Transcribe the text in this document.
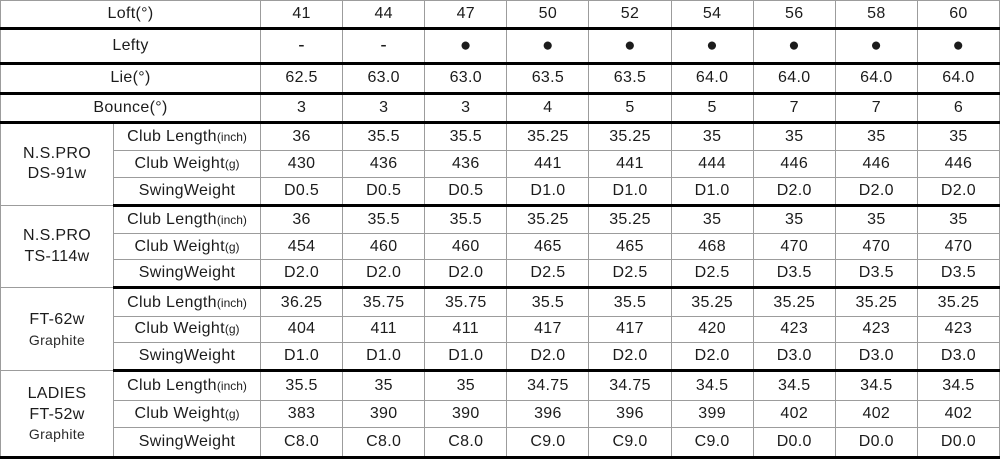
Loft(°)		41	44	47	50	52	54	56	58	60
Lefty		-	-	●	●	●	●	●	●	●
Lie(°)		62.5	63.0	63.0	63.5	63.5	64.0	64.0	64.0	64.0
Bounce(°)		3	3	3	4	5	5	7	7	6

N.S.PRO
DS-91w	Club Length(inch)	36	35.5	35.5	35.25	35.25	35	35	35	35
	Club Weight(g)	430	436	436	441	441	444	446	446	446
	SwingWeight	D0.5	D0.5	D0.5	D1.0	D1.0	D1.0	D2.0	D2.0	D2.0

N.S.PRO
TS-114w	Club Length(inch)	36	35.5	35.5	35.25	35.25	35	35	35	35
	Club Weight(g)	454	460	460	465	465	468	470	470	470
	SwingWeight	D2.0	D2.0	D2.0	D2.5	D2.5	D2.5	D3.5	D3.5	D3.5

FT-62w
Graphite	Club Length(inch)	36.25	35.75	35.75	35.5	35.5	35.25	35.25	35.25	35.25
	Club Weight(g)	404	411	411	417	417	420	423	423	423
	SwingWeight	D1.0	D1.0	D1.0	D2.0	D2.0	D2.0	D3.0	D3.0	D3.0

LADIES
FT-52w
Graphite	Club Length(inch)	35.5	35	35	34.75	34.75	34.5	34.5	34.5	34.5
	Club Weight(g)	383	390	390	396	396	399	402	402	402
	SwingWeight	C8.0	C8.0	C8.0	C9.0	C9.0	C9.0	D0.0	D0.0	D0.0
